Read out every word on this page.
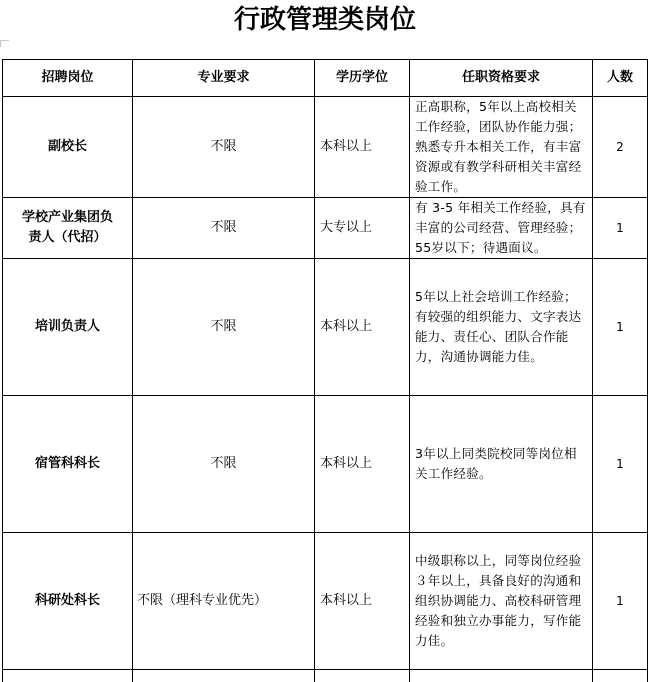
行政管理类岗位
招聘岗位	专业要求	学历学位	任职资格要求	人数
副校长	不限	本科以上	正高职称，5年以上高校相关工作经验，团队协作能力强；熟悉专升本相关工作，有丰富资源或有教学科研相关丰富经验工作。	2
学校产业集团负责人（代招）	不限	大专以上	有 3-5 年相关工作经验，具有丰富的公司经营、管理经验；55岁以下；待遇面议。	1
培训负责人	不限	本科以上	5年以上社会培训工作经验；有较强的组织能力、文字表达能力、责任心、团队合作能力，沟通协调能力佳。	1
宿管科科长	不限	本科以上	3年以上同类院校同等岗位相关工作经验。	1
科研处科长	不限（理科专业优先）	本科以上	中级职称以上，同等岗位经验３年以上，具备良好的沟通和组织协调能力、高校科研管理经验和独立办事能力，写作能力佳。	1
